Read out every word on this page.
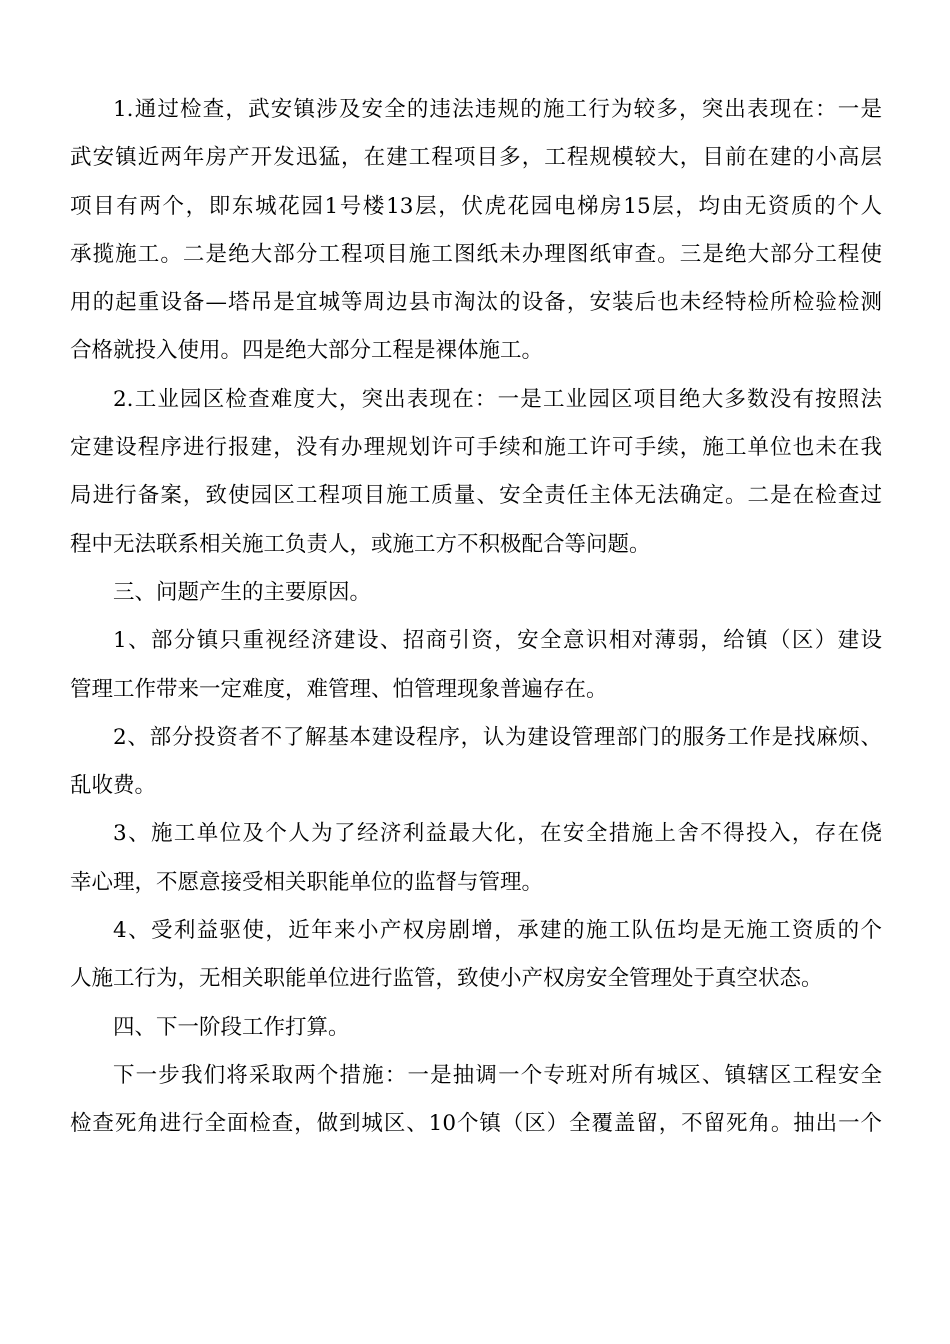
1.通过检查，武安镇涉及安全的违法违规的施工行为较多，突出表现在：一是
武安镇近两年房产开发迅猛，在建工程项目多，工程规模较大，目前在建的小高层
项目有两个，即东城花园1号楼13层，伏虎花园电梯房15层，均由无资质的个人
承揽施工。二是绝大部分工程项目施工图纸未办理图纸审查。三是绝大部分工程使
用的起重设备—塔吊是宜城等周边县市淘汰的设备，安装后也未经特检所检验检测
合格就投入使用。四是绝大部分工程是裸体施工。
2.工业园区检查难度大，突出表现在：一是工业园区项目绝大多数没有按照法
定建设程序进行报建，没有办理规划许可手续和施工许可手续，施工单位也未在我
局进行备案，致使园区工程项目施工质量、安全责任主体无法确定。二是在检查过
程中无法联系相关施工负责人，或施工方不积极配合等问题。
三、问题产生的主要原因。
1、部分镇只重视经济建设、招商引资，安全意识相对薄弱，给镇（区）建设
管理工作带来一定难度，难管理、怕管理现象普遍存在。
2、部分投资者不了解基本建设程序，认为建设管理部门的服务工作是找麻烦、
乱收费。
3、施工单位及个人为了经济利益最大化，在安全措施上舍不得投入，存在侥
幸心理，不愿意接受相关职能单位的监督与管理。
4、受利益驱使，近年来小产权房剧增，承建的施工队伍均是无施工资质的个
人施工行为，无相关职能单位进行监管，致使小产权房安全管理处于真空状态。
四、下一阶段工作打算。
下一步我们将采取两个措施：一是抽调一个专班对所有城区、镇辖区工程安全
检查死角进行全面检查，做到城区、10个镇（区）全覆盖留，不留死角。抽出一个
